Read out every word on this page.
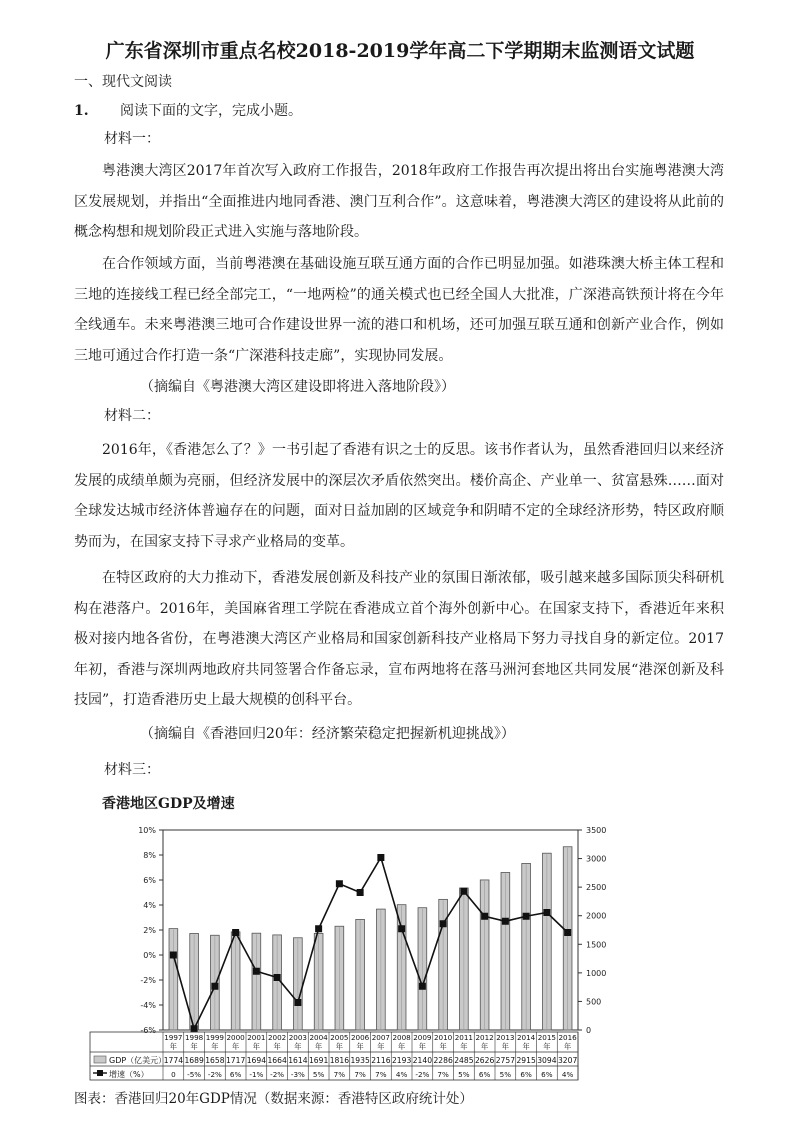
广东省深圳市重点名校2018-2019学年高二下学期期末监测语文试题
一、现代文阅读
1. 阅读下面的文字，完成小题。
材料一：
粤港澳大湾区2017年首次写入政府工作报告，2018年政府工作报告再次提出将出台实施粤港澳大湾区发展规划，并指出“全面推进内地同香港、澳门互利合作”。这意味着，粤港澳大湾区的建设将从此前的概念构想和规划阶段正式进入实施与落地阶段。
在合作领域方面，当前粤港澳在基础设施互联互通方面的合作已明显加强。如港珠澳大桥主体工程和三地的连接线工程已经全部完工，“一地两检”的通关模式也已经全国人大批准，广深港高铁预计将在今年全线通车。未来粤港澳三地可合作建设世界一流的港口和机场，还可加强互联互通和创新产业合作，例如三地可通过合作打造一条“广深港科技走廊”，实现协同发展。
（摘编自《粤港澳大湾区建设即将进入落地阶段》）
材料二：
2016年，《香港怎么了？》一书引起了香港有识之士的反思。该书作者认为，虽然香港回归以来经济发展的成绩单颇为亮丽，但经济发展中的深层次矛盾依然突出。楼价高企、产业单一、贫富悬殊……面对全球发达城市经济体普遍存在的问题，面对日益加剧的区域竞争和阴晴不定的全球经济形势，特区政府顺势而为，在国家支持下寻求产业格局的变革。
在特区政府的大力推动下，香港发展创新及科技产业的氛围日渐浓郁，吸引越来越多国际顶尖科研机构在港落户。2016年，美国麻省理工学院在香港成立首个海外创新中心。在国家支持下，香港近年来积极对接内地各省份，在粤港澳大湾区产业格局和国家创新科技产业格局下努力寻找自身的新定位。2017年初，香港与深圳两地政府共同签署合作备忘录，宣布两地将在落马洲河套地区共同发展“港深创新及科技园”，打造香港历史上最大规模的创科平台。
（摘编自《香港回归20年：经济繁荣稳定把握新机迎挑战》）
材料三：
香港地区GDP及增速
10%
8%
6%
4%
2%
0%
-2%
-4%
-6%
3500
3000
2500
2000
1500
1000
500
0
1997
年
1998
年
1999
年
2000
年
2001
年
2002
年
2003
年
2004
年
2005
年
2006
年
2007
年
2008
年
2009
年
2010
年
2011
年
2012
年
2013
年
2014
年
2015
年
2016
年
GDP（亿美元）
增速（%）
1774 1689 1658 1717 1694 1664 1614 1691 1816 1935 2116 2193 2140 2286 2485 2626 2757 2915 3094 3207
0 -5% -2% 6% -1% -2% -3% 5% 7% 7% 7% 4% -2% 7% 5% 6% 5% 6% 6% 4%
图表：香港回归20年GDP情况（数据来源：香港特区政府统计处）
